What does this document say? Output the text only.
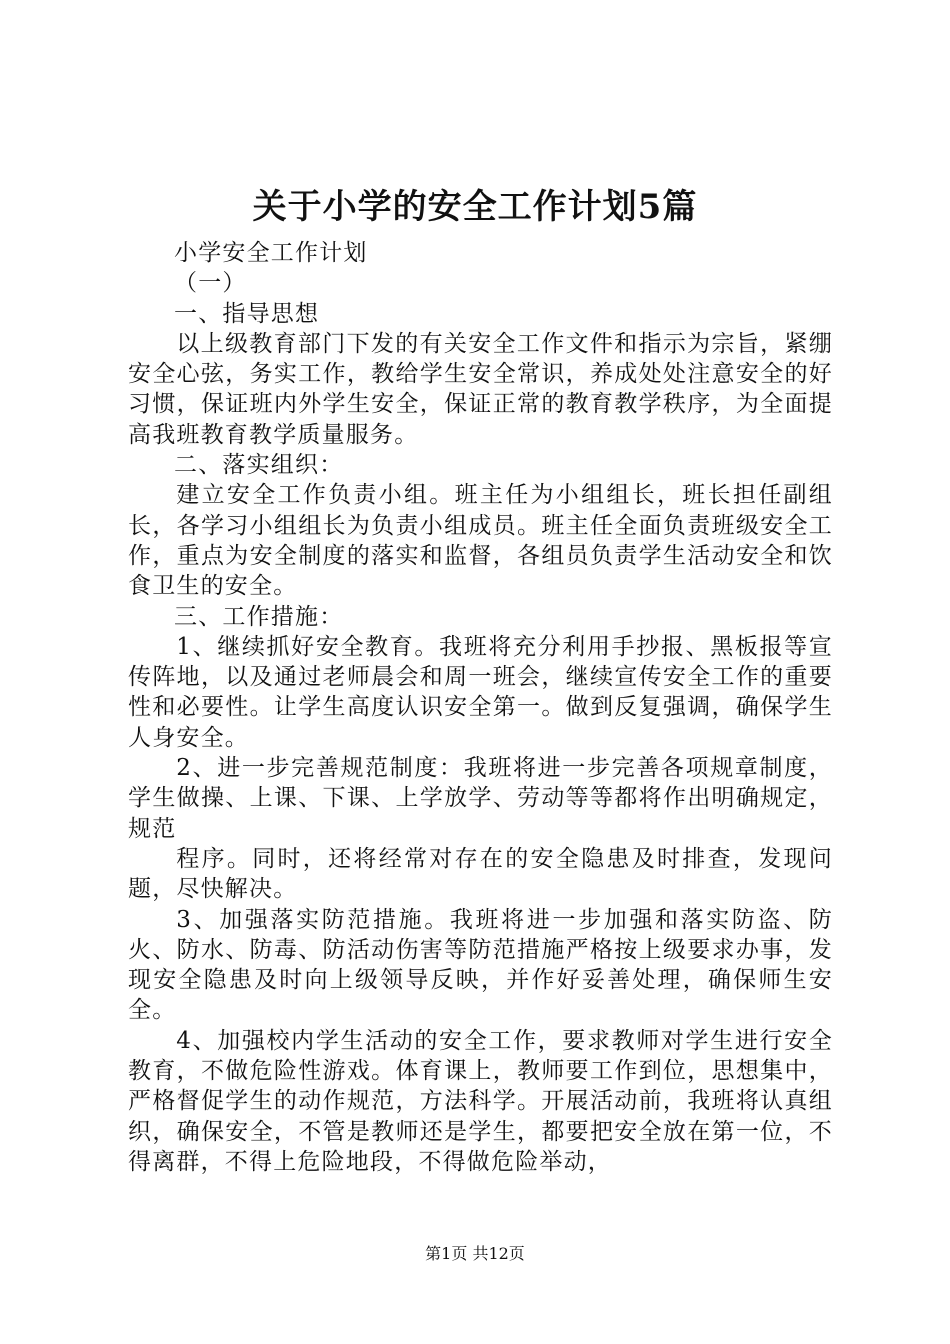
关于小学的安全工作计划5篇

小学安全工作计划

（一）

一、指导思想

以上级教育部门下发的有关安全工作文件和指示为宗旨，紧绷安全心弦，务实工作，教给学生安全常识，养成处处注意安全的好习惯，保证班内外学生安全，保证正常的教育教学秩序，为全面提高我班教育教学质量服务。

二、落实组织：

建立安全工作负责小组。班主任为小组组长，班长担任副组长，各学习小组组长为负责小组成员。班主任全面负责班级安全工作，重点为安全制度的落实和监督，各组员负责学生活动安全和饮食卫生的安全。

三、工作措施：

1、继续抓好安全教育。我班将充分利用手抄报、黑板报等宣传阵地，以及通过老师晨会和周一班会，继续宣传安全工作的重要性和必要性。让学生高度认识安全第一。做到反复强调，确保学生人身安全。

2、进一步完善规范制度：我班将进一步完善各项规章制度，学生做操、上课、下课、上学放学、劳动等等都将作出明确规定，规范

程序。同时，还将经常对存在的安全隐患及时排查，发现问题，尽快解决。

3、加强落实防范措施。我班将进一步加强和落实防盗、防火、防水、防毒、防活动伤害等防范措施严格按上级要求办事，发现安全隐患及时向上级领导反映，并作好妥善处理，确保师生安全。

4、加强校内学生活动的安全工作，要求教师对学生进行安全教育，不做危险性游戏。体育课上，教师要工作到位，思想集中，严格督促学生的动作规范，方法科学。开展活动前，我班将认真组织，确保安全，不管是教师还是学生，都要把安全放在第一位，不得离群，不得上危险地段，不得做危险举动，

第1页 共12页
